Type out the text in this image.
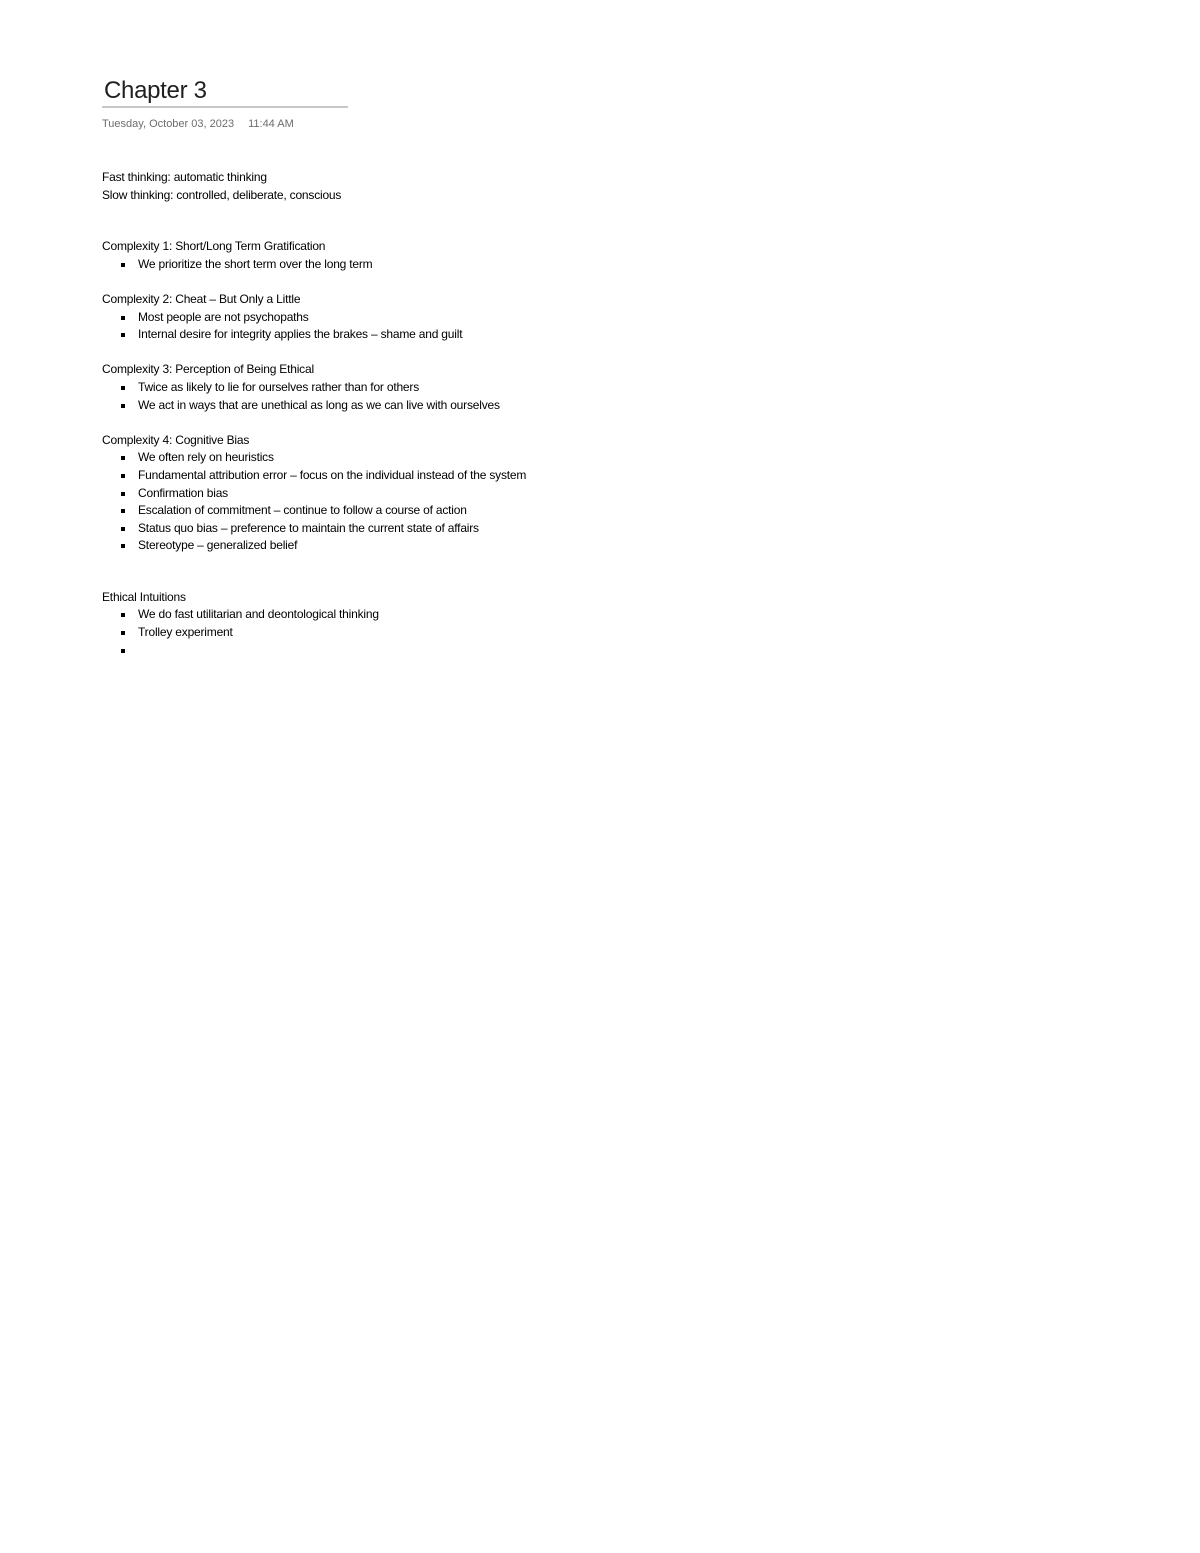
Chapter 3
Tuesday, October 03, 2023 11:44 AM
Fast thinking: automatic thinking
Slow thinking: controlled, deliberate, conscious
Complexity 1: Short/Long Term Gratification
We prioritize the short term over the long term
Complexity 2: Cheat – But Only a Little
Most people are not psychopaths
Internal desire for integrity applies the brakes – shame and guilt
Complexity 3: Perception of Being Ethical
Twice as likely to lie for ourselves rather than for others
We act in ways that are unethical as long as we can live with ourselves
Complexity 4: Cognitive Bias
We often rely on heuristics
Fundamental attribution error – focus on the individual instead of the system
Confirmation bias
Escalation of commitment – continue to follow a course of action
Status quo bias – preference to maintain the current state of affairs
Stereotype – generalized belief
Ethical Intuitions
We do fast utilitarian and deontological thinking
Trolley experiment
